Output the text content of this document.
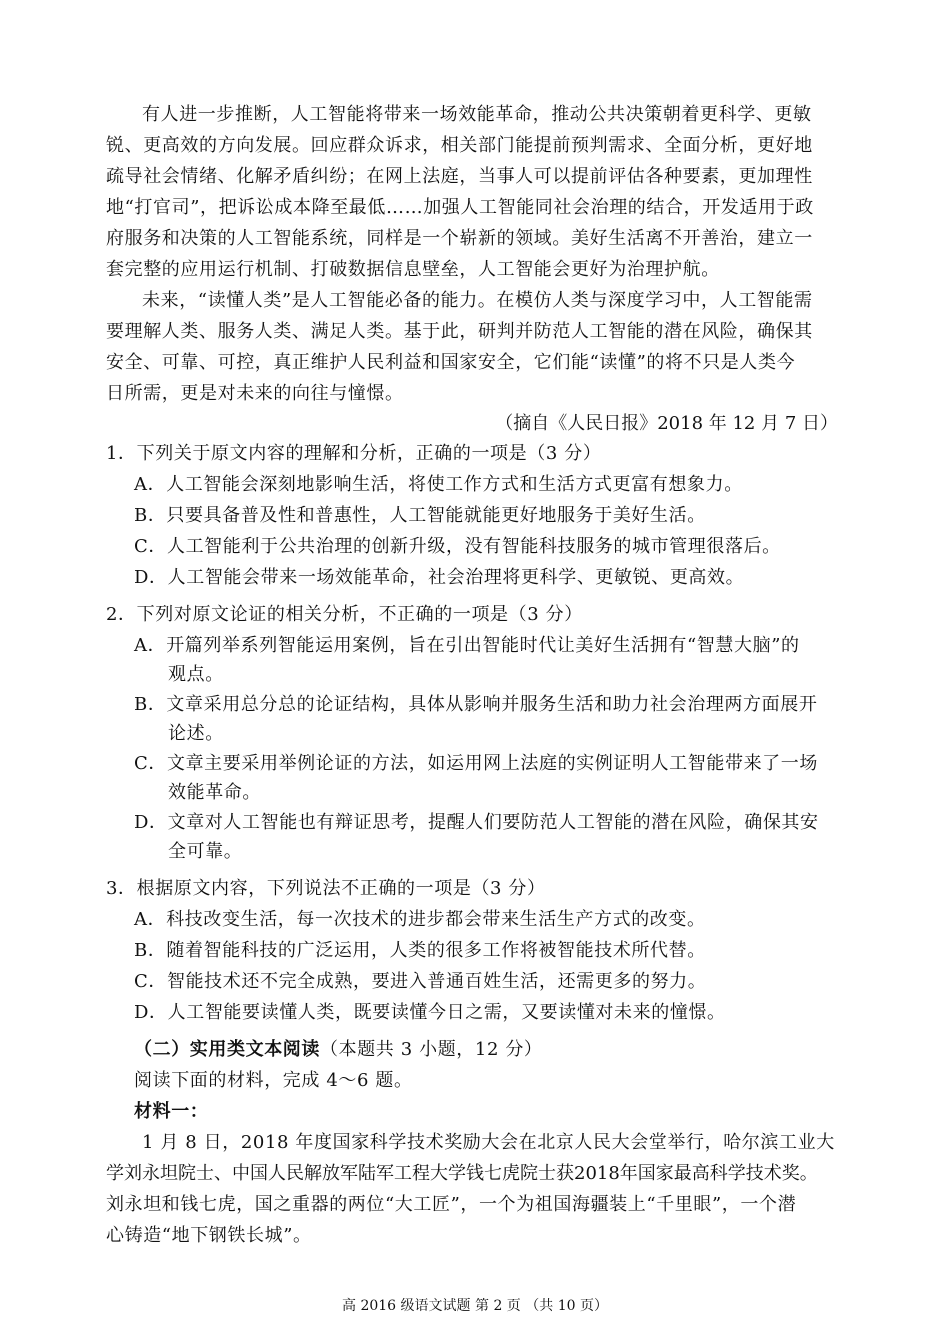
有人进一步推断，人工智能将带来一场效能革命，推动公共决策朝着更科学、更敏
锐、更高效的方向发展。回应群众诉求，相关部门能提前预判需求、全面分析，更好地
疏导社会情绪、化解矛盾纠纷；在网上法庭，当事人可以提前评估各种要素，更加理性
地“打官司”，把诉讼成本降至最低……加强人工智能同社会治理的结合，开发适用于政
府服务和决策的人工智能系统，同样是一个崭新的领域。美好生活离不开善治，建立一
套完整的应用运行机制、打破数据信息壁垒，人工智能会更好为治理护航。
未来，“读懂人类”是人工智能必备的能力。在模仿人类与深度学习中，人工智能需
要理解人类、服务人类、满足人类。基于此，研判并防范人工智能的潜在风险，确保其
安全、可靠、可控，真正维护人民利益和国家安全，它们能“读懂”的将不只是人类今
日所需，更是对未来的向往与憧憬。
（摘自《人民日报》2018 年 12 月 7 日）
1．下列关于原文内容的理解和分析，正确的一项是（3 分）
A．人工智能会深刻地影响生活，将使工作方式和生活方式更富有想象力。
B．只要具备普及性和普惠性，人工智能就能更好地服务于美好生活。
C．人工智能利于公共治理的创新升级，没有智能科技服务的城市管理很落后。
D．人工智能会带来一场效能革命，社会治理将更科学、更敏锐、更高效。
2．下列对原文论证的相关分析，不正确的一项是（3 分）
A．开篇列举系列智能运用案例，旨在引出智能时代让美好生活拥有“智慧大脑”的
观点。
B．文章采用总分总的论证结构，具体从影响并服务生活和助力社会治理两方面展开
论述。
C．文章主要采用举例论证的方法，如运用网上法庭的实例证明人工智能带来了一场
效能革命。
D．文章对人工智能也有辩证思考，提醒人们要防范人工智能的潜在风险，确保其安
全可靠。
3．根据原文内容，下列说法不正确的一项是（3 分）
A．科技改变生活，每一次技术的进步都会带来生活生产方式的改变。
B．随着智能科技的广泛运用，人类的很多工作将被智能技术所代替。
C．智能技术还不完全成熟，要进入普通百姓生活，还需更多的努力。
D．人工智能要读懂人类，既要读懂今日之需，又要读懂对未来的憧憬。
（二）实用类文本阅读（本题共 3 小题，12 分）
阅读下面的材料，完成 4～6 题。
材料一：
1 月 8 日，2018 年度国家科学技术奖励大会在北京人民大会堂举行，哈尔滨工业大
学刘永坦院士、中国人民解放军陆军工程大学钱七虎院士获2018年国家最高科学技术奖。
刘永坦和钱七虎，国之重器的两位“大工匠”，一个为祖国海疆装上“千里眼”，一个潜
心铸造“地下钢铁长城”。
高 2016 级语文试题 第 2 页 （共 10 页）
